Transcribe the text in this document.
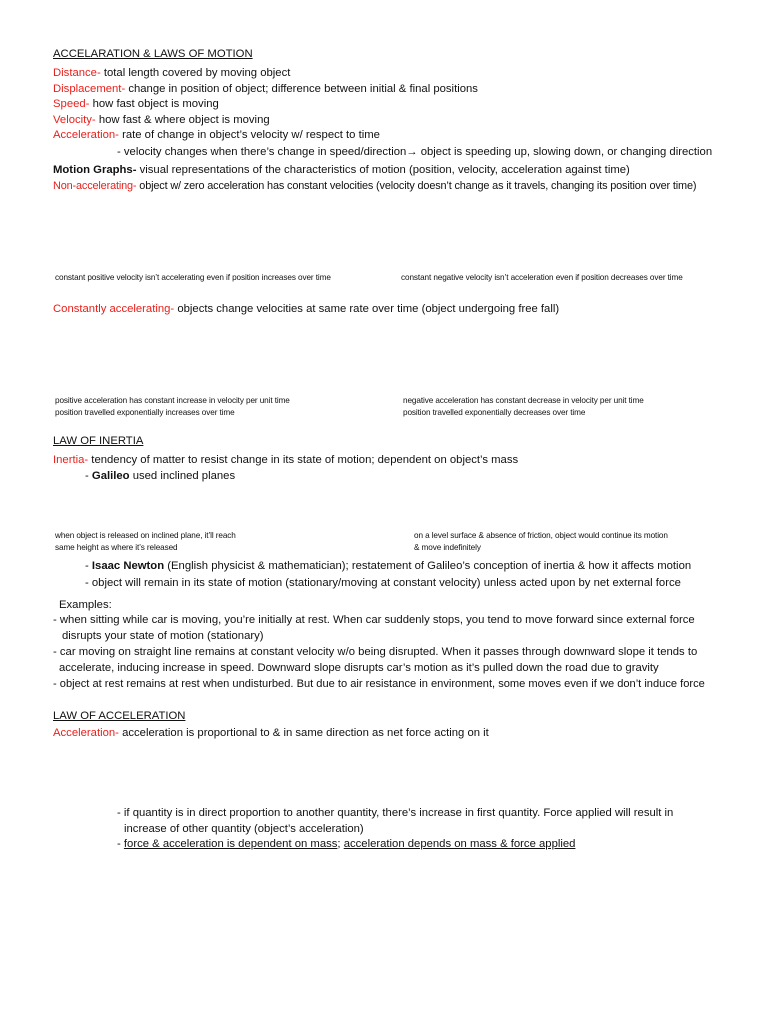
ACCELARATION & LAWS OF MOTION
Distance- total length covered by moving object
Displacement- change in position of object; difference between initial & final positions
Speed- how fast object is moving
Velocity- how fast & where object is moving
Acceleration- rate of change in object’s velocity w/ respect to time
- velocity changes when there’s change in speed/direction→ object is speeding up, slowing down, or changing direction
Motion Graphs- visual representations of the characteristics of motion (position, velocity, acceleration against time)
Non-accelerating- object w/ zero acceleration has constant velocities (velocity doesn’t change as it travels, changing its position over time)
constant positive velocity isn’t accelerating even if position increases over time	constant negative velocity isn’t acceleration even if position decreases over time
Constantly accelerating- objects change velocities at same rate over time (object undergoing free fall)
positive acceleration has constant increase in velocity per unit time
position travelled exponentially increases over time
negative acceleration has constant decrease in velocity per unit time
position travelled exponentially decreases over time
LAW OF INERTIA
Inertia- tendency of matter to resist change in its state of motion; dependent on object’s mass
- Galileo used inclined planes
when object is released on inclined plane, it’ll reach
same height as where it’s released
on a level surface & absence of friction, object would continue its motion
& move indefinitely
- Isaac Newton (English physicist & mathematician); restatement of Galileo’s conception of inertia & how it affects motion
- object will remain in its state of motion (stationary/moving at constant velocity) unless acted upon by net external force
Examples:
- when sitting while car is moving, you’re initially at rest. When car suddenly stops, you tend to move forward since external force
disrupts your state of motion (stationary)
- car moving on straight line remains at constant velocity w/o being disrupted. When it passes through downward slope it tends to
accelerate, inducing increase in speed. Downward slope disrupts car’s motion as it’s pulled down the road due to gravity
- object at rest remains at rest when undisturbed. But due to air resistance in environment, some moves even if we don’t induce force
LAW OF ACCELERATION
Acceleration- acceleration is proportional to & in same direction as net force acting on it
- if quantity is in direct proportion to another quantity, there’s increase in first quantity. Force applied will result in
increase of other quantity (object’s acceleration)
- force & acceleration is dependent on mass; acceleration depends on mass & force applied
